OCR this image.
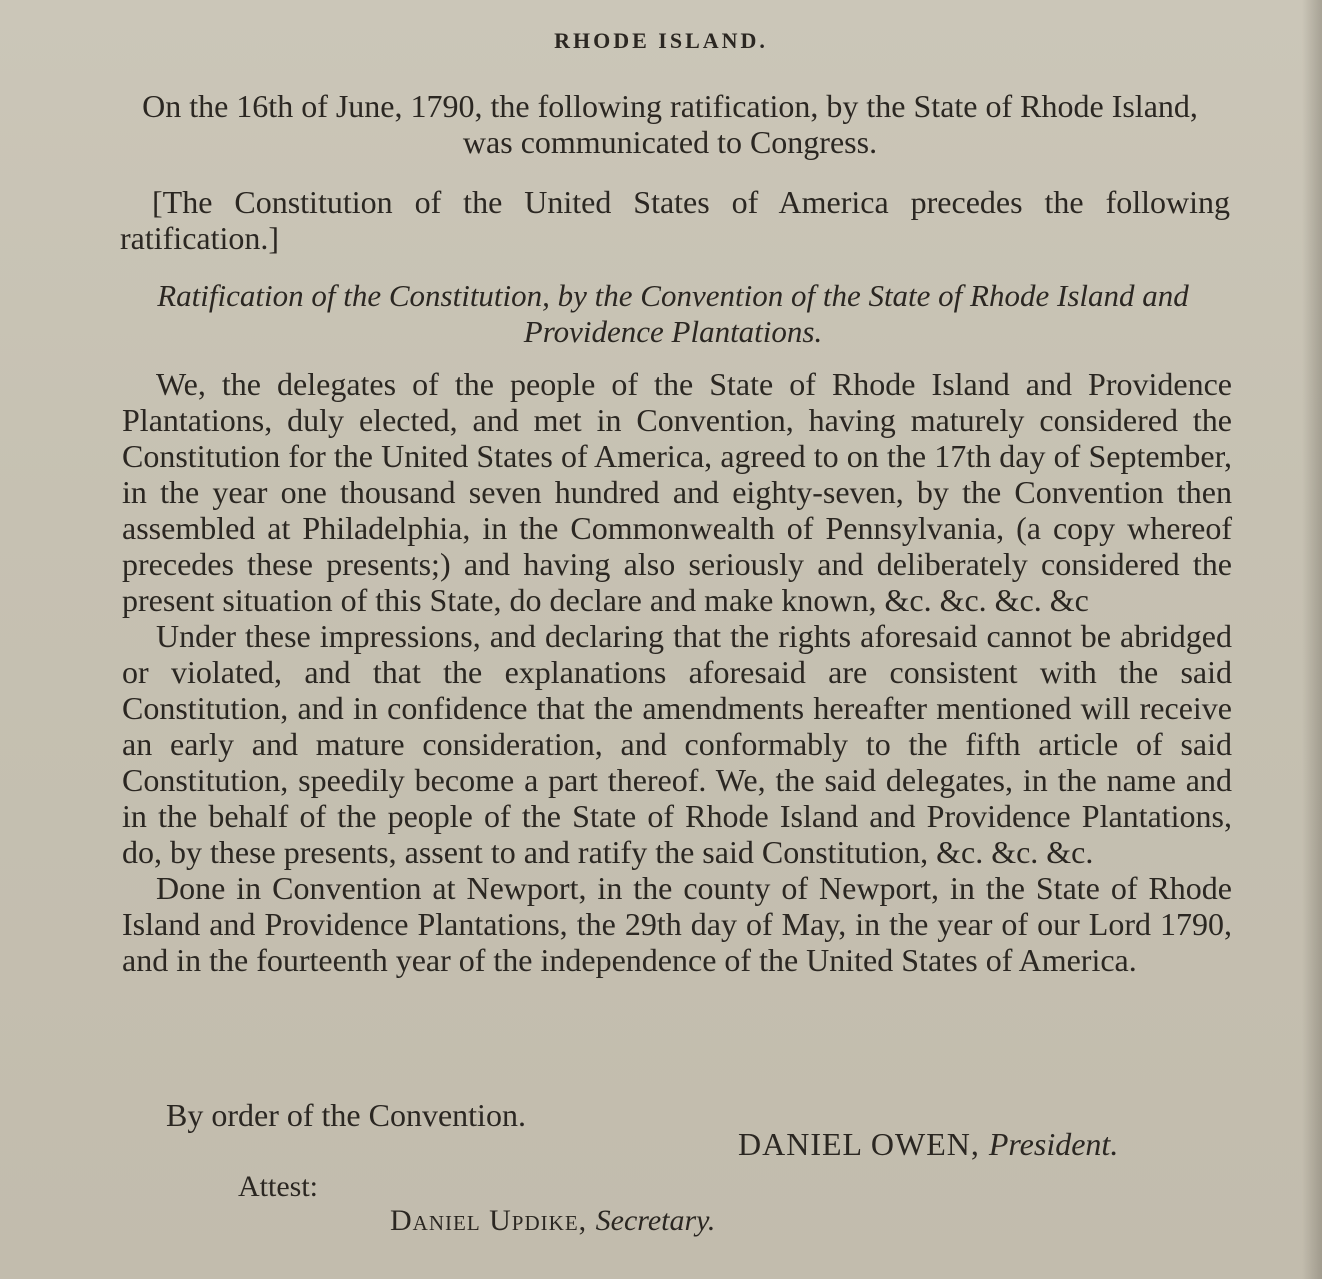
RHODE ISLAND.
On the 16th of June, 1790, the following ratification, by the State of Rhode Island, was communicated to Congress.
[The Constitution of the United States of America precedes the following ratification.]
Ratification of the Constitution, by the Convention of the State of Rhode Island and Providence Plantations.

We, the delegates of the people of the State of Rhode Island and Providence Plantations, duly elected, and met in Convention, having maturely considered the Constitution for the United States of America, agreed to on the 17th day of September, in the year one thousand seven hundred and eighty-seven, by the Convention then assembled at Philadelphia, in the Commonwealth of Pennsylvania, (a copy whereof precedes these presents;) and having also seriously and deliberately considered the present situation of this State, do declare and make known, &c. &c. &c. &c

Under these impressions, and declaring that the rights aforesaid cannot be abridged or violated, and that the explanations aforesaid are consistent with the said Constitution, and in confidence that the amendments hereafter mentioned will receive an early and mature consideration, and conformably to the fifth article of said Constitution, speedily become a part thereof. We, the said delegates, in the name and in the behalf of the people of the State of Rhode Island and Providence Plantations, do, by these presents, assent to and ratify the said Constitution, &c. &c. &c.

Done in Convention at Newport, in the county of Newport, in the State of Rhode Island and Providence Plantations, the 29th day of May, in the year of our Lord 1790, and in the fourteenth year of the independence of the United States of America.

By order of the Convention.
DANIEL OWEN, President.
Attest:
Daniel Updike, Secretary.
